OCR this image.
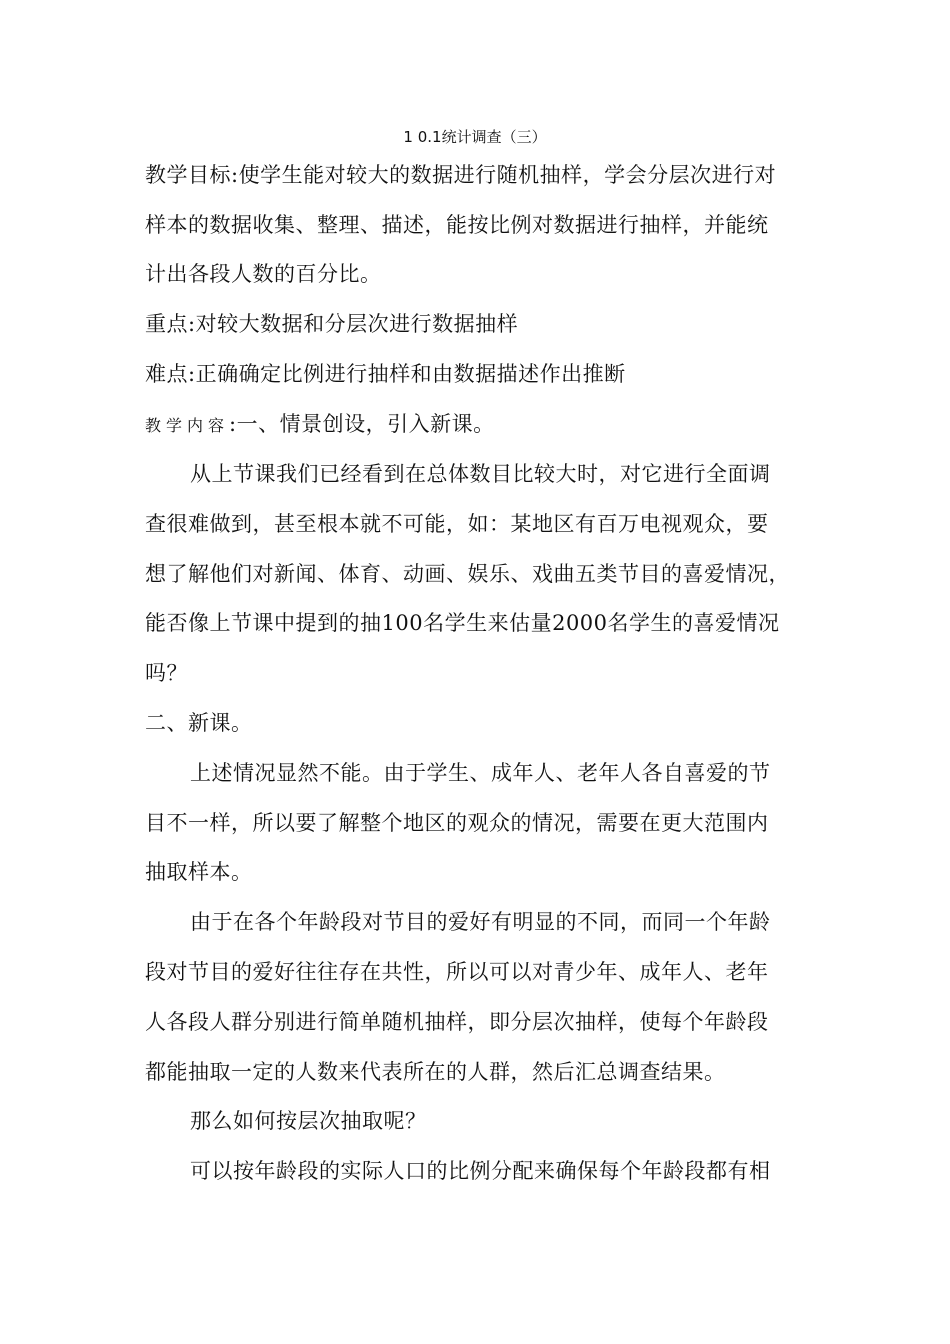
1 0.1统计调查（三）
教学目标:使学生能对较大的数据进行随机抽样，学会分层次进行对
样本的数据收集、整理、描述，能按比例对数据进行抽样，并能统
计出各段人数的百分比。
重点:对较大数据和分层次进行数据抽样
难点:正确确定比例进行抽样和由数据描述作出推断
教学内容:一、情景创设，引入新课。
从上节课我们已经看到在总体数目比较大时，对它进行全面调
查很难做到，甚至根本就不可能，如：某地区有百万电视观众，要
想了解他们对新闻、体育、动画、娱乐、戏曲五类节目的喜爱情况，
能否像上节课中提到的抽100名学生来估量2000名学生的喜爱情况
吗？
二、新课。
上述情况显然不能。由于学生、成年人、老年人各自喜爱的节
目不一样，所以要了解整个地区的观众的情况，需要在更大范围内
抽取样本。
由于在各个年龄段对节目的爱好有明显的不同，而同一个年龄
段对节目的爱好往往存在共性，所以可以对青少年、成年人、老年
人各段人群分别进行简单随机抽样，即分层次抽样，使每个年龄段
都能抽取一定的人数来代表所在的人群，然后汇总调查结果。
那么如何按层次抽取呢？
可以按年龄段的实际人口的比例分配来确保每个年龄段都有相
